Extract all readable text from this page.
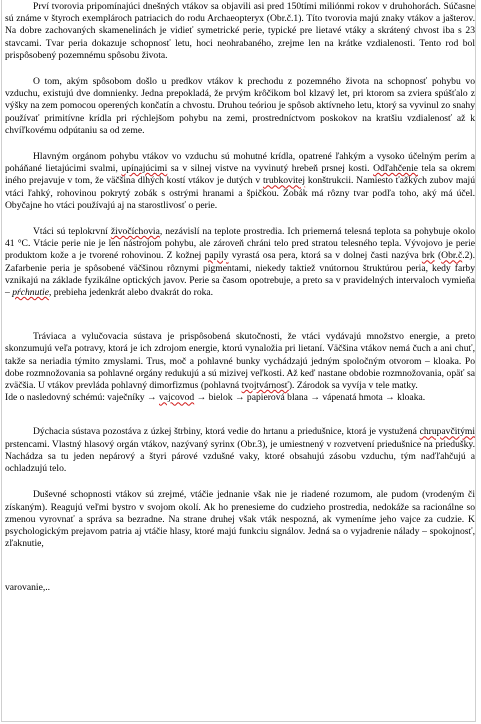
Prví tvorovia pripomínajúci dnešných vtákov sa objavili asi pred 150tími miliónmi rokov v druhohorách. Súčasne sú známe v štyroch exemplároch patriacich do rodu Archaeopteryx (Obr.č.1). Títo tvorovia majú znaky vtákov a jašterov. Na dobre zachovaných skamenelinách je vidieť symetrické perie, typické pre lietavé vtáky a skrátený chvost iba s 23 stavcami. Tvar peria dokazuje schopnosť letu, hoci neohrabaného, zrejme len na krátke vzdialenosti. Tento rod bol prispôsobený pozemnému spôsobu života.

O tom, akým spôsobom došlo u predkov vtákov k prechodu z pozemného života na schopnosť pohybu vo vzduchu, existujú dve domnienky. Jedna prepokladá, že prvým krôčikom bol klzavý let, pri ktorom sa zviera spúšťalo z výšky na zem pomocou operených končatín a chvostu. Druhou teóriou je spôsob aktívneho letu, ktorý sa vyvinul zo snahy používať primitívne krídla pri rýchlejšom pohybu na zemi, prostredníctvom poskokov na kratšiu vzdialenosť až k chvíľkovému odpútaniu sa od zeme.

Hlavným orgánom pohybu vtákov vo vzduchu sú mohutné krídla, opatrené ľahkým a vysoko účelným perím a poháňané lietajúcimi svalmi, upínajúcimi sa v silnej vistve na vyvinutý hrebeň prsnej kosti. Odľahčenie tela sa okrem iného prejavuje v tom, že väčšina dlhých kostí vtákov je dutých v trubkovitej konštrukcii. Namiesto ťažkých zubov majú vtáci ľahký, rohovinou pokrytý zobák s ostrými hranami a špičkou. Zobák má rôzny tvar podľa toho, aký má účel. Obyčajne ho vtáci používajú aj na starostlivosť o perie.

Vtáci sú teplokrvní živočíchovia, nezávislí na teplote prostredia. Ich priemerná telesná teplota sa pohybuje okolo 41 °C. Vtácie perie nie je len nástrojom pohybu, ale zároveň chráni telo pred stratou telesného tepla. Vývojovo je perie produktom kože a je tvorené rohovinou. Z kožnej papily vyrastá osa pera, ktorá sa v dolnej časti nazýva brk (Obr.č.2). Zafarbenie peria je spôsobené väčšinou rôznymi pigmentami, niekedy taktiež vnútornou štruktúrou peria, kedy farby vznikajú na základe fyzikálne optických javov. Perie sa časom opotrebuje, a preto sa v pravidelných intervaloch vymieňa – pŕchnutie, prebieha jedenkrát alebo dvakrát do roka.

Tráviaca a vylučovacia sústava je prispôsobená skutočnosti, že vtáci vydávajú množstvo energie, a preto skonzumujú veľa potravy, ktorá je ich zdrojom energie, ktorú vynaložia pri lietaní. Väčšina vtákov nemá čuch a ani chuť, takže sa neriadia týmito zmyslami. Trus, moč a pohlavné bunky vychádzajú jedným spoločným otvorom – kloaka. Po dobe rozmnožovania sa pohlavné orgány redukujú a sú mizivej veľkosti. Až keď nastane obdobie rozmnožovania, opäť sa zväčšia. U vtákov prevláda pohlavný dimorfizmus (pohlavná tvojtvárnosť). Zárodok sa vyvíja v tele matky.

Ide o nasledovný schémú: vaječníky → vajcovod → bielok → papierová blana → vápenatá hmota → kloaka.

Dýchacia sústava pozostáva z úzkej štrbiny, ktorá vedie do hrtanu a priedušnice, ktorá je vystužená chrupavčitými prstencami. Vlastný hlasový orgán vtákov, nazývaný syrinx (Obr.3), je umiestnený v rozvetvení priedušnice na priedušky. Nachádza sa tu jeden nepárový a štyri párové vzdušné vaky, ktoré obsahujú zásobu vzduchu, tým naďľahčujú a ochladzujú telo.

Duševné schopnosti vtákov sú zrejmé, vtáčie jednanie však nie je riadené rozumom, ale pudom (vrodeným či získaným). Reagujú veľmi bystro v svojom okolí. Ak ho prenesieme do cudzieho prostredia, nedokáže sa racionálne so zmenou vyrovnať a správa sa bezradne. Na strane druhej však vták nespozná, ak vymeníme jeho vajce za cudzie. K psychologickým prejavom patria aj vtáčie hlasy, ktoré majú funkciu signálov. Jedná sa o vyjadrenie nálady – spokojnosť, zľaknutie,

varovanie,..
